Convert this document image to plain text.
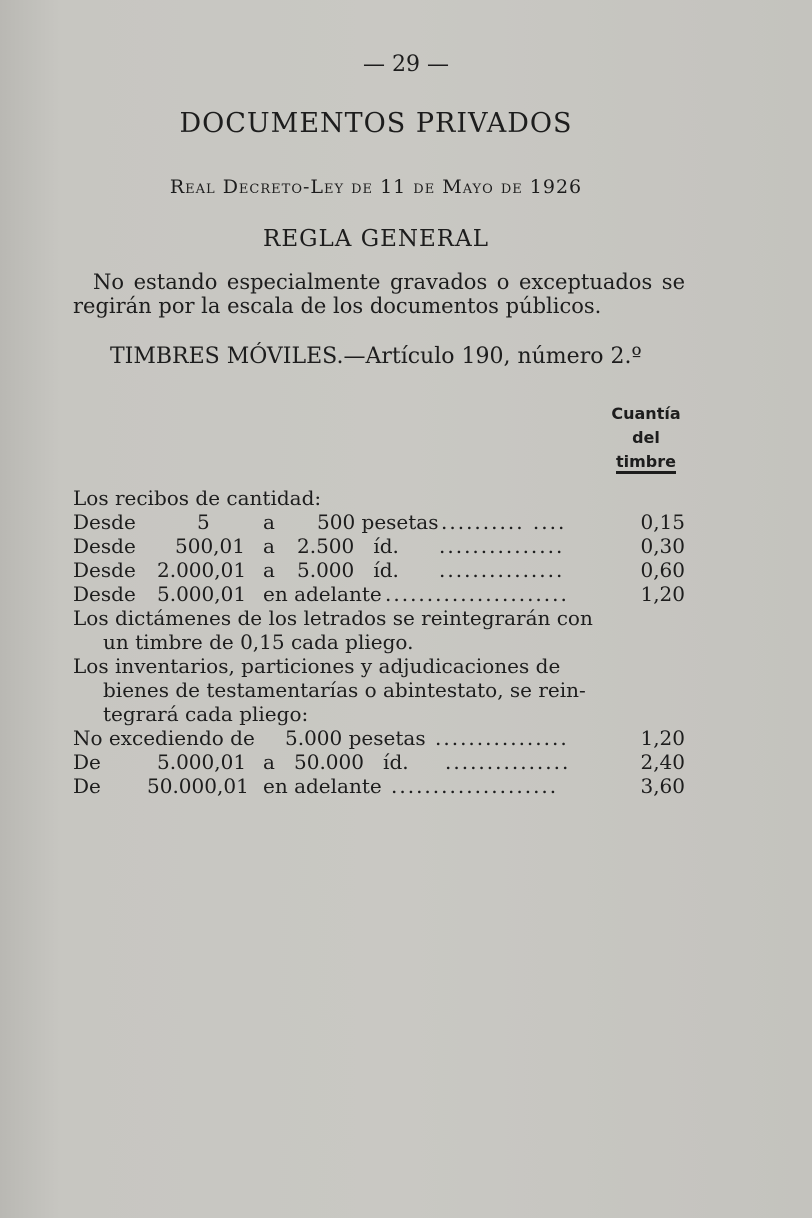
— 29 —
DOCUMENTOS PRIVADOS
Real Decreto-Ley de 11 de Mayo de 1926
REGLA GENERAL
No estando especialmente gravados o exceptuados se regirán por la escala de los documentos públicos.
TIMBRES MÓVILES.—Artículo 190, número 2.º
Cuantía
del
timbre
Los recibos de cantidad:
Desde	5	a 500 pesetas .......... ....	0,15
Desde 500,01 a 2.500   íd. ...............	0,30
Desde 2.000,01 a 5.000   íd. ...............	0,60
Desde 5.000,01 en adelante ......................	1,20
Los dictámenes de los letrados se reintegrarán con
un timbre de 0,15 cada pliego.
Los inventarios, particiones y adjudicaciones de
bienes de testamentarías o abintestato, se rein-
tegrará cada pliego:
No excediendo de 5.000 pesetas ................	1,20
De	5.000,01 a   50.000   íd. ...............	2,40
De 50.000,01 en adelante ....................	3,60
